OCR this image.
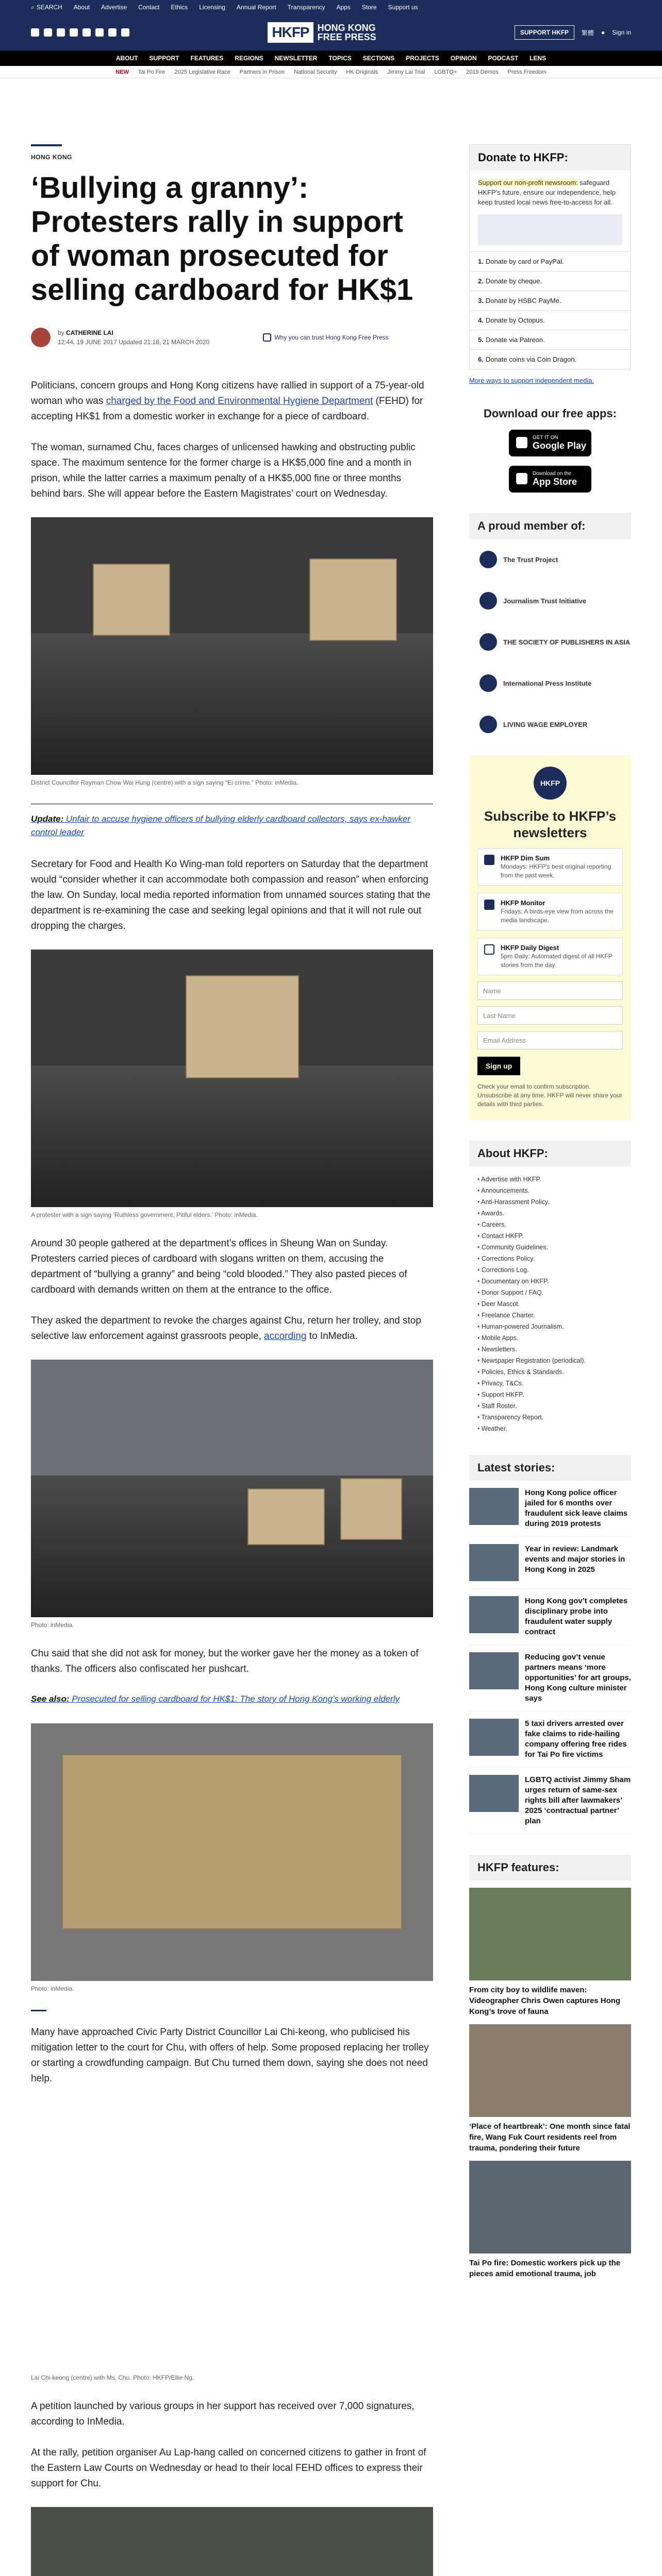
⌕ SEARCH About Advertise Contact Ethics Licensing Annual Report Transparency Apps Store Support us
HKFP HONG KONG
FREE PRESS	SUPPORT HKFP	繁體 ● Sign in
ABOUT SUPPORT FEATURES REGIONS NEWSLETTER TOPICS SECTIONS PROJECTS OPINION PODCAST LENS
NEW Tai Po Fire 2025 Legislative Race Partners in Prison National Security HK Originals Jimmy Lai Trial LGBTQ+ 2019 Demos Press Freedom
HONG KONG
‘Bullying a granny’: Protesters rally in support of woman prosecuted for selling cardboard for HK$1
by CATHERINE LAI
12:44, 19 JUNE 2017 Updated 21:18, 21 MARCH 2020
Why you can trust Hong Kong Free Press

Politicians, concern groups and Hong Kong citizens have rallied in support of a 75-year-old woman who was charged by the Food and Environmental Hygiene Department (FEHD) for accepting HK$1 from a domestic worker in exchange for a piece of cardboard.

The woman, surnamed Chu, faces charges of unlicensed hawking and obstructing public space. The maximum sentence for the former charge is a HK$5,000 fine and a month in prison, while the latter carries a maximum penalty of a HK$5,000 fine or three months behind bars. She will appear before the Eastern Magistrates’ court on Wednesday.

District Councillor Rayman Chow Wai Hung (centre) with a sign saying “Ei crime.” Photo: inMedia.
Update: Unfair to accuse hygiene officers of bullying elderly cardboard collectors, says ex-hawker control leader

Secretary for Food and Health Ko Wing-man told reporters on Saturday that the department would “consider whether it can accommodate both compassion and reason” when enforcing the law. On Sunday, local media reported information from unnamed sources stating that the department is re-examining the case and seeking legal opinions and that it will not rule out dropping the charges.

A protester with a sign saying ‘Ruthless government, Pitiful elders.’ Photo: inMedia.

Around 30 people gathered at the department’s offices in Sheung Wan on Sunday. Protesters carried pieces of cardboard with slogans written on them, accusing the department of “bullying a granny” and being “cold blooded.” They also pasted pieces of cardboard with demands written on them at the entrance to the office.

They asked the department to revoke the charges against Chu, return her trolley, and stop selective law enforcement against grassroots people, according to InMedia.

Photo: inMedia.

Chu said that she did not ask for money, but the worker gave her the money as a token of thanks. The officers also confiscated her pushcart.

See also: Prosecuted for selling cardboard for HK$1: The story of Hong Kong’s working elderly
Photo: inMedia.

Many have approached Civic Party District Councillor Lai Chi-keong, who publicised his mitigation letter to the court for Chu, with offers of help. Some proposed replacing her trolley or starting a crowdfunding campaign. But Chu turned them down, saying she does not need help.

Lai Chi-keong (centre) with Ms. Chu. Photo: HKFP/Ellie Ng.

A petition launched by various groups in her support has received over 7,000 signatures, according to InMedia.

At the rally, petition organiser Au Lap-hang called on concerned citizens to gather in front of the Eastern Law Courts on Wednesday or head to their local FEHD offices to express their support for Chu.

Donate to HKFP:
Support our non-profit newsroom: safeguard HKFP's future, ensure our independence, help keep trusted local news free-to-access for all.
1. Donate by card or PayPal.
2. Donate by cheque.
3. Donate by HSBC PayMe.
4. Donate by Octopus.
5. Donate via Patreon.
6. Donate coins via Coin Dragon.
More ways to support independent media.
Download our free apps:
GET IT ON
Google Play
Download on the
App Store
A proud member of:
The Trust Project
Journalism Trust Initiative
THE SOCIETY OF PUBLISHERS IN ASIA
International Press Institute
LIVING WAGE EMPLOYER
HKFP
Subscribe to HKFP’s newsletters
HKFP Dim Sum
Mondays: HKFP's best original reporting from the past week.
HKFP Monitor
Fridays: A birds-eye view from across the media landscape.
HKFP Daily Digest
5pm Daily: Automated digest of all HKFP stories from the day.
Name
Last Name
Email Address
Sign up
Check your email to confirm subscription. Unsubscribe at any time. HKFP will never share your details with third parties.
About HKFP:
• Advertise with HKFP.
• Announcements.
• Anti-Harassment Policy.
• Awards.
• Careers.
• Contact HKFP.
• Community Guidelines.
• Corrections Policy.
• Corrections Log.
• Documentary on HKFP.
• Donor Support / FAQ.
• Deer Mascot.
• Freelance Charter.
• Human-powered Journalism.
• Mobile Apps.
• Newsletters.
• Newspaper Registration (periodical).
• Policies, Ethics & Standards.
• Privacy, T&Cs.
• Support HKFP.
• Staff Roster.
• Transparency Report.
• Weather.
Latest stories:
Hong Kong police officer jailed for 6 months over fraudulent sick leave claims during 2019 protests
Year in review: Landmark events and major stories in Hong Kong in 2025
Hong Kong gov’t completes disciplinary probe into fraudulent water supply contract
Reducing gov’t venue partners means ‘more opportunities’ for art groups, Hong Kong culture minister says
5 taxi drivers arrested over fake claims to ride-hailing company offering free rides for Tai Po fire victims
LGBTQ activist Jimmy Sham urges return of same-sex rights bill after lawmakers’ 2025 ‘contractual partner’ plan
HKFP features:
From city boy to wildlife maven: Videographer Chris Owen captures Hong Kong’s trove of fauna
‘Place of heartbreak’: One month since fatal fire, Wang Fuk Court residents reel from trauma, pondering their future
Tai Po fire: Domestic workers pick up the pieces amid emotional trauma, job
